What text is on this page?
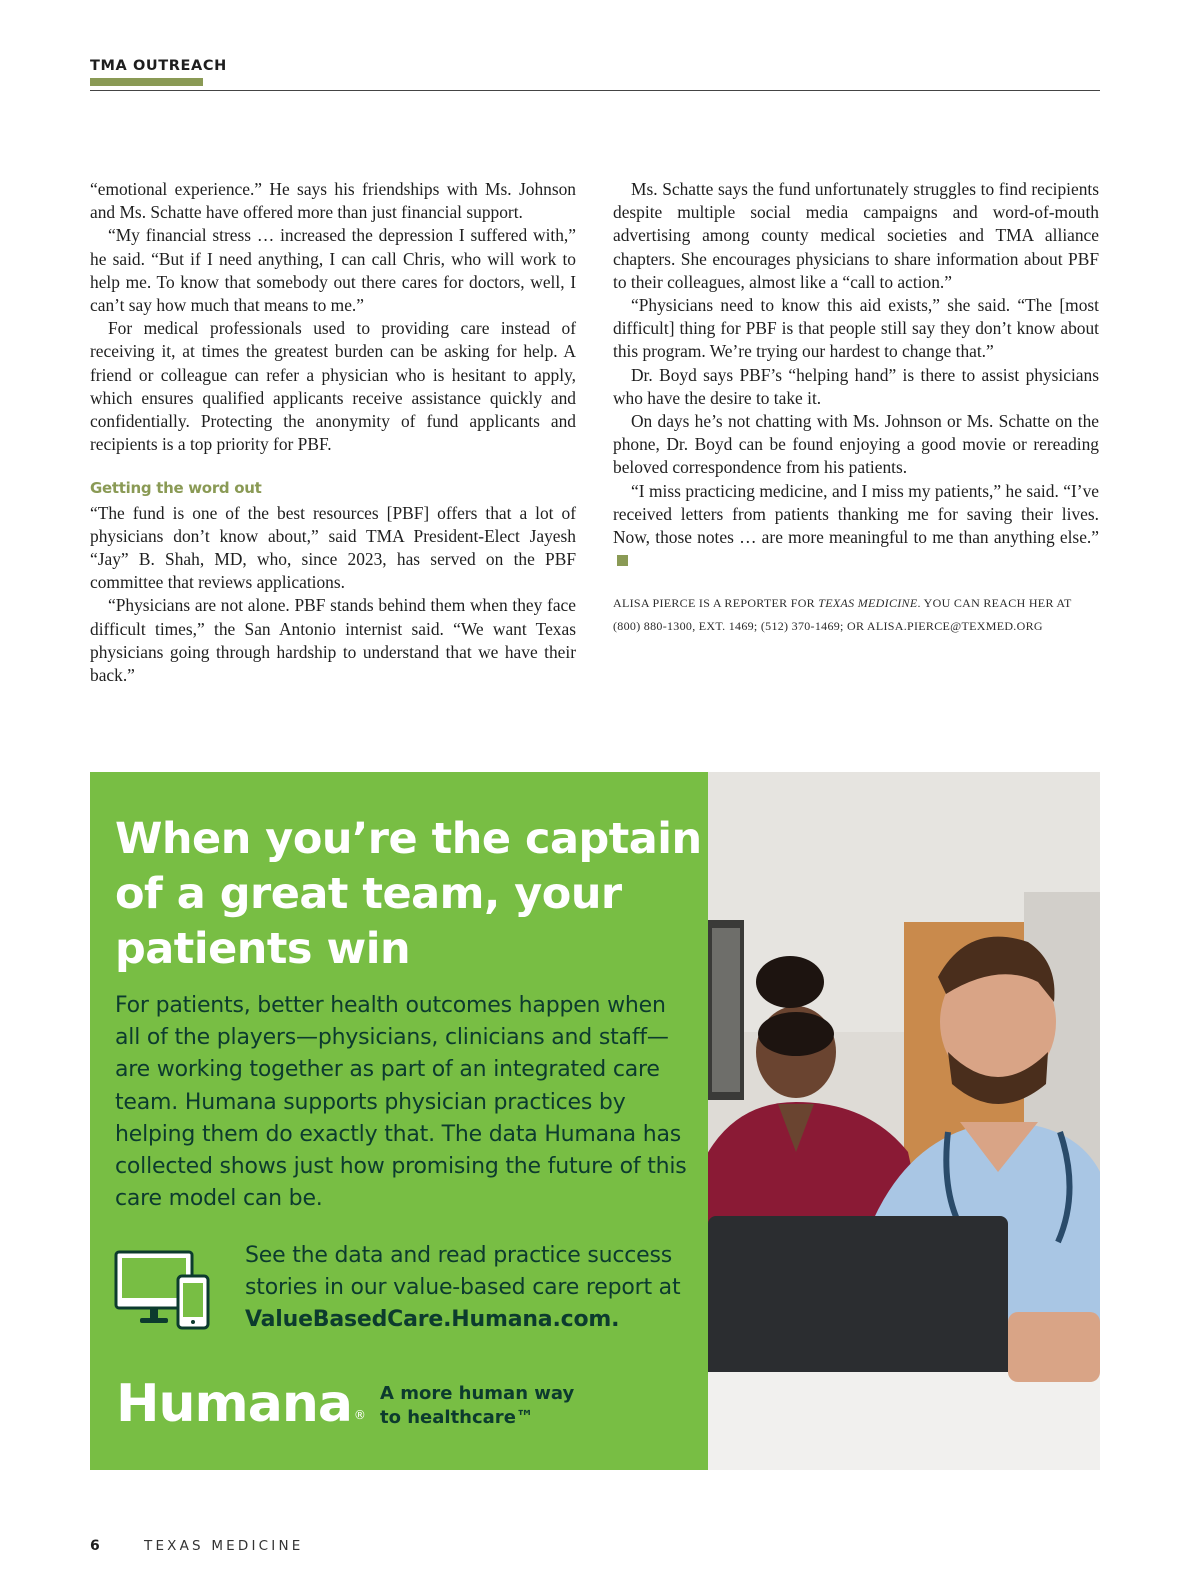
TMA OUTREACH

“emotional experience.” He says his friendships with Ms. Johnson and Ms. Schatte have offered more than just financial support.

“My financial stress … increased the depression I suffered with,” he said. “But if I need anything, I can call Chris, who will work to help me. To know that somebody out there cares for doctors, well, I can’t say how much that means to me.”

For medical professionals used to providing care instead of receiving it, at times the greatest burden can be asking for help. A friend or colleague can refer a physician who is hesitant to apply, which ensures qualified applicants receive assistance quickly and confidentially. Protecting the anonymity of fund applicants and recipients is a top priority for PBF.

Getting the word out

“The fund is one of the best resources [PBF] offers that a lot of physicians don’t know about,” said TMA President-Elect Jayesh “Jay” B. Shah, MD, who, since 2023, has served on the PBF committee that reviews applications.

“Physicians are not alone. PBF stands behind them when they face difficult times,” the San Antonio internist said. “We want Texas physicians going through hardship to understand that we have their back.”

Ms. Schatte says the fund unfortunately struggles to find recipients despite multiple social media campaigns and word-of-mouth advertising among county medical societies and TMA alliance chapters. She encourages physicians to share information about PBF to their colleagues, almost like a “call to action.”

“Physicians need to know this aid exists,” she said. “The [most difficult] thing for PBF is that people still say they don’t know about this program. We’re trying our hardest to change that.”

Dr. Boyd says PBF’s “helping hand” is there to assist physicians who have the desire to take it.

On days he’s not chatting with Ms. Johnson or Ms. Schatte on the phone, Dr. Boyd can be found enjoying a good movie or rereading beloved correspondence from his patients.

“I miss practicing medicine, and I miss my patients,” he said. “I’ve received letters from patients thanking me for saving their lives. Now, those notes … are more meaningful to me than anything else.”

ALISA PIERCE IS A REPORTER FOR TEXAS MEDICINE. YOU CAN REACH HER AT (800) 880-1300, EXT. 1469; (512) 370-1469; OR ALISA.PIERCE@TEXMED.ORG
When you’re the captain of a great team, your patients win
For patients, better health outcomes happen when all of the players—physicians, clinicians and staff—are working together as part of an integrated care team. Humana supports physician practices by helping them do exactly that. The data Humana has collected shows just how promising the future of this care model can be.
See the data and read practice success stories in our value-based care report at ValueBasedCare.Humana.com.
Humana ®
A more human way to healthcare™
6	TEXAS MEDICINE
